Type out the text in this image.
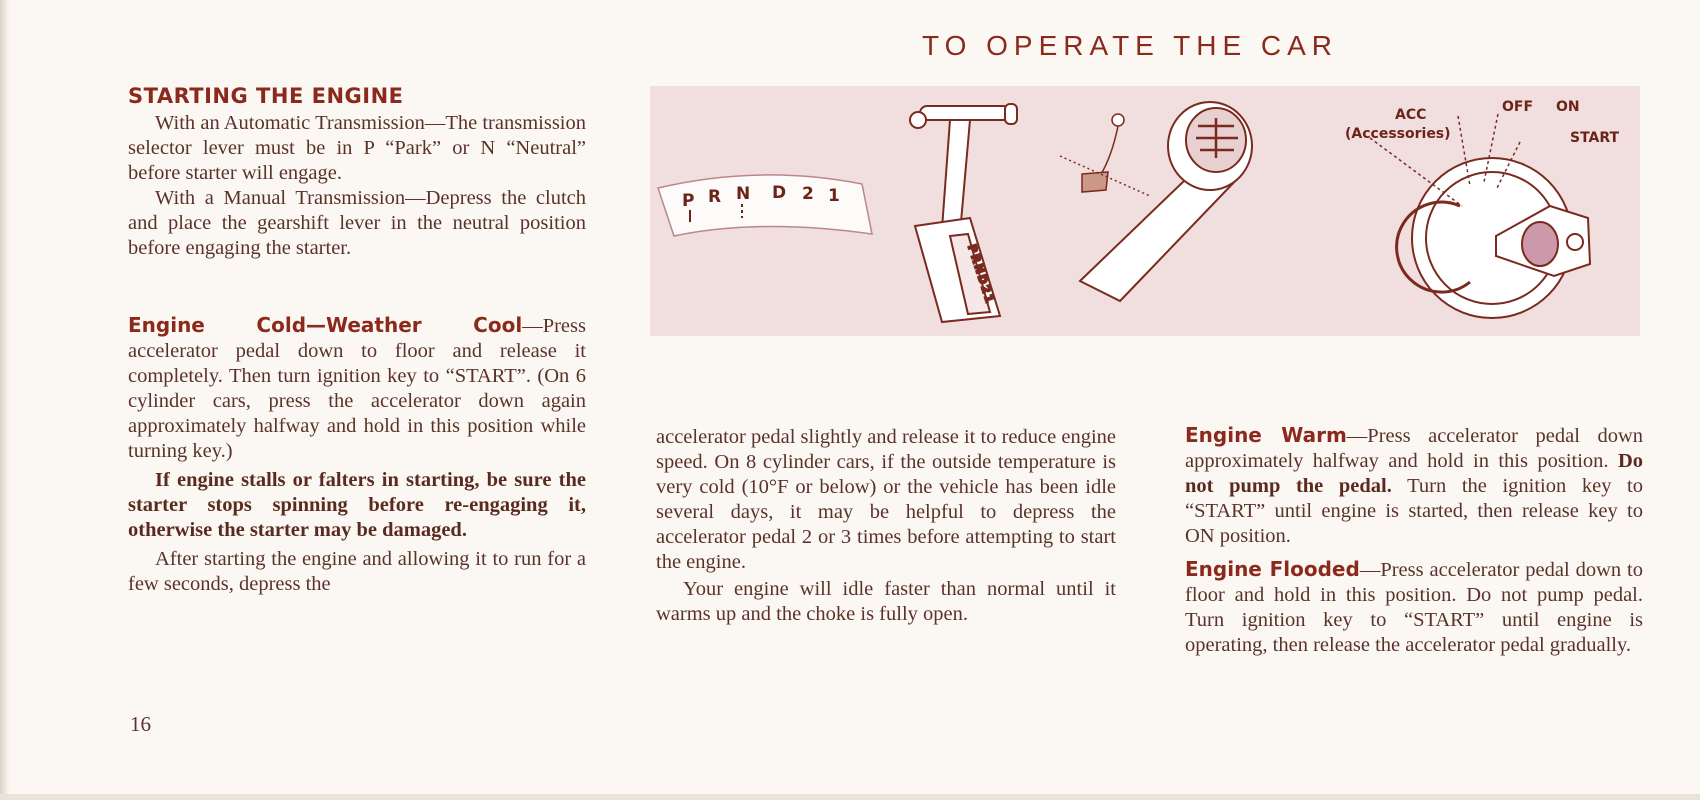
TO OPERATE THE CAR
STARTING THE ENGINE

With an Automatic Transmission—The transmission selector lever must be in P “Park” or N “Neutral” before starter will engage.

With a Manual Transmission—Depress the clutch and place the gearshift lever in the neutral position before engaging the starter.

Engine Cold—Weather Cool—Press accelerator pedal down to floor and release it completely. Then turn ignition key to “START”. (On 6 cylinder cars, press the accelerator down again approximately halfway and hold in this position while turning key.)

If engine stalls or falters in starting, be sure the starter stops spinning before re-engaging it, otherwise the starter may be damaged.

After starting the engine and allowing it to run for a few seconds, depress the

accelerator pedal slightly and release it to reduce engine speed. On 8 cylinder cars, if the outside temperature is very cold (10°F or below) or the vehicle has been idle several days, it may be helpful to depress the accelerator pedal 2 or 3 times before attempting to start the engine.

Your engine will idle faster than normal until it warms up and the choke is fully open.

Engine Warm—Press accelerator pedal down approximately halfway and hold in this position. Do not pump the pedal. Turn the ignition key to “START” until engine is started, then release key to ON position.

Engine Flooded—Press accelerator pedal down to floor and hold in this position. Do not pump pedal. Turn ignition key to “START” until engine is operating, then release the accelerator pedal gradually.

P R N D 2 1
PRND21
ACC
(Accessories)
OFF ON
START
16
